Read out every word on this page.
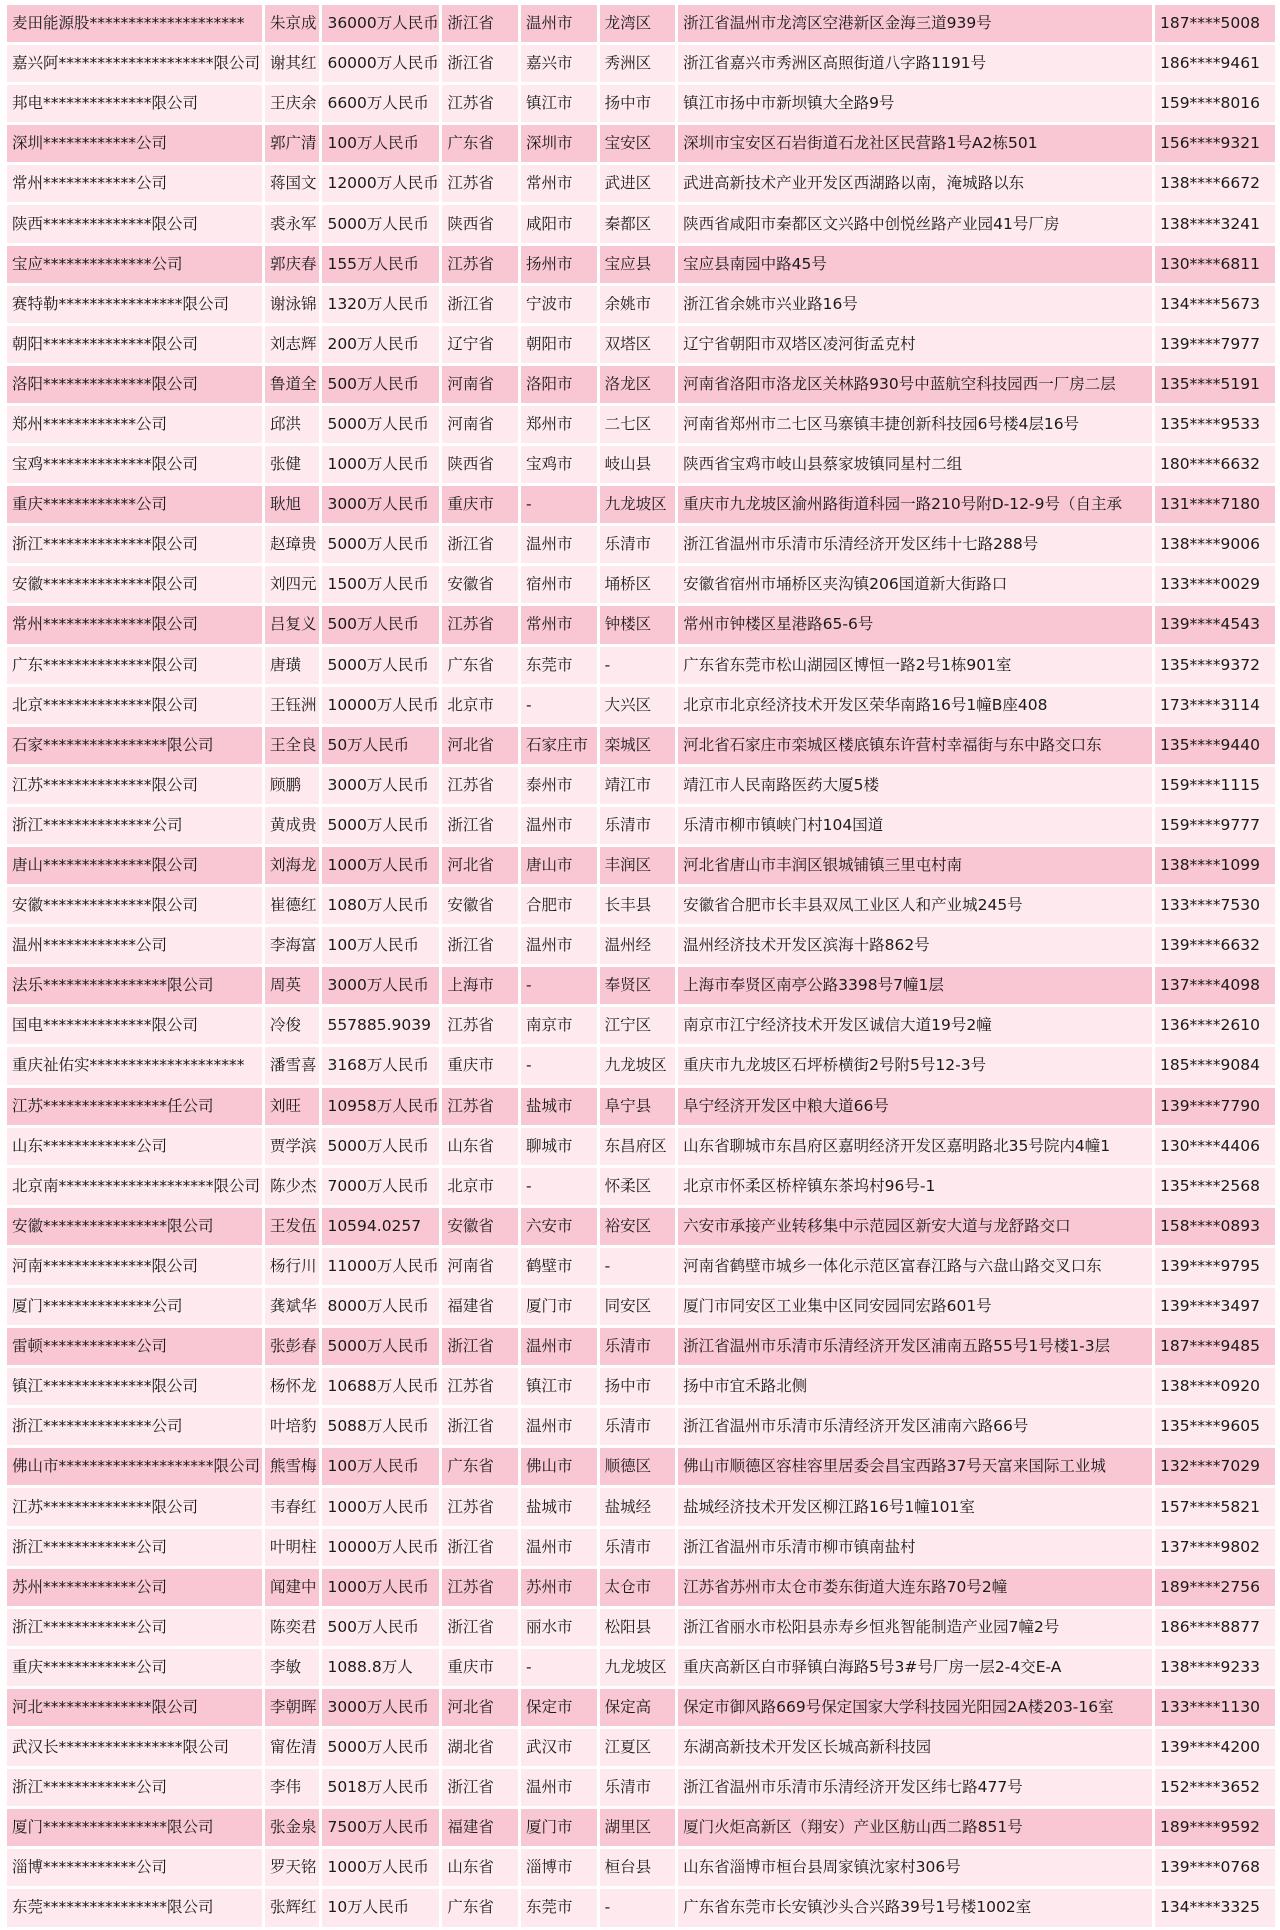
麦田能源股********************	朱京成	36000万人民币	浙江省	温州市	龙湾区	浙江省温州市龙湾区空港新区金海三道939号	187****5008
嘉兴阿********************限公司	谢其红	60000万人民币	浙江省	嘉兴市	秀洲区	浙江省嘉兴市秀洲区高照街道八字路1191号	186****9461
邦电**************限公司	王庆余	6600万人民币	江苏省	镇江市	扬中市	镇江市扬中市新坝镇大全路9号	159****8016
深圳************公司	郭广清	100万人民币	广东省	深圳市	宝安区	深圳市宝安区石岩街道石龙社区民营路1号A2栋501	156****9321
常州************公司	蒋国文	12000万人民币	江苏省	常州市	武进区	武进高新技术产业开发区西湖路以南，淹城路以东	138****6672
陕西**************限公司	裘永军	5000万人民币	陕西省	咸阳市	秦都区	陕西省咸阳市秦都区文兴路中创悦丝路产业园41号厂房	138****3241
宝应**************公司	郭庆春	155万人民币	江苏省	扬州市	宝应县	宝应县南园中路45号	130****6811
赛特勒****************限公司	谢泳锦	1320万人民币	浙江省	宁波市	余姚市	浙江省余姚市兴业路16号	134****5673
朝阳**************限公司	刘志辉	200万人民币	辽宁省	朝阳市	双塔区	辽宁省朝阳市双塔区凌河街孟克村	139****7977
洛阳**************限公司	鲁道全	500万人民币	河南省	洛阳市	洛龙区	河南省洛阳市洛龙区关林路930号中蓝航空科技园西一厂房二层	135****5191
郑州************公司	邱洪	5000万人民币	河南省	郑州市	二七区	河南省郑州市二七区马寨镇丰捷创新科技园6号楼4层16号	135****9533
宝鸡**************限公司	张健	1000万人民币	陕西省	宝鸡市	岐山县	陕西省宝鸡市岐山县蔡家坡镇同星村二组	180****6632
重庆************公司	耿旭	3000万人民币	重庆市	-	九龙坡区	重庆市九龙坡区渝州路街道科园一路210号附D-12-9号（自主承	131****7180
浙江**************限公司	赵璋贵	5000万人民币	浙江省	温州市	乐清市	浙江省温州市乐清市乐清经济开发区纬十七路288号	138****9006
安徽**************限公司	刘四元	1500万人民币	安徽省	宿州市	埇桥区	安徽省宿州市埇桥区夹沟镇206国道新大街路口	133****0029
常州**************限公司	吕复义	500万人民币	江苏省	常州市	钟楼区	常州市钟楼区星港路65-6号	139****4543
广东**************限公司	唐璜	5000万人民币	广东省	东莞市	-	广东省东莞市松山湖园区博恒一路2号1栋901室	135****9372
北京**************限公司	王钰洲	10000万人民币	北京市	-	大兴区	北京市北京经济技术开发区荣华南路16号1幢B座408	173****3114
石家****************限公司	王全良	50万人民币	河北省	石家庄市	栾城区	河北省石家庄市栾城区楼底镇东许营村幸福街与东中路交口东	135****9440
江苏**************限公司	顾鹏	3000万人民币	江苏省	泰州市	靖江市	靖江市人民南路医药大厦5楼	159****1115
浙江**************公司	黄成贵	5000万人民币	浙江省	温州市	乐清市	乐清市柳市镇峡门村104国道	159****9777
唐山**************限公司	刘海龙	1000万人民币	河北省	唐山市	丰润区	河北省唐山市丰润区银城铺镇三里屯村南	138****1099
安徽**************限公司	崔德红	1080万人民币	安徽省	合肥市	长丰县	安徽省合肥市长丰县双凤工业区人和产业城245号	133****7530
温州************公司	李海富	100万人民币	浙江省	温州市	温州经	温州经济技术开发区滨海十路862号	139****6632
法乐****************限公司	周英	3000万人民币	上海市	-	奉贤区	上海市奉贤区南亭公路3398号7幢1层	137****4098
国电**************限公司	冷俊	557885.9039	江苏省	南京市	江宁区	南京市江宁经济技术开发区诚信大道19号2幢	136****2610
重庆祉佑实********************	潘雪喜	3168万人民币	重庆市	-	九龙坡区	重庆市九龙坡区石坪桥横街2号附5号12-3号	185****9084
江苏****************任公司	刘旺	10958万人民币	江苏省	盐城市	阜宁县	阜宁经济开发区中粮大道66号	139****7790
山东************公司	贾学滨	5000万人民币	山东省	聊城市	东昌府区	山东省聊城市东昌府区嘉明经济开发区嘉明路北35号院内4幢1	130****4406
北京南********************限公司	陈少杰	7000万人民币	北京市	-	怀柔区	北京市怀柔区桥梓镇东茶坞村96号-1	135****2568
安徽****************限公司	王发伍	10594.0257	安徽省	六安市	裕安区	六安市承接产业转移集中示范园区新安大道与龙舒路交口	158****0893
河南**************限公司	杨行川	11000万人民币	河南省	鹤壁市	-	河南省鹤壁市城乡一体化示范区富春江路与六盘山路交叉口东	139****9795
厦门**************公司	龚斌华	8000万人民币	福建省	厦门市	同安区	厦门市同安区工业集中区同安园同宏路601号	139****3497
雷顿************公司	张彭春	5000万人民币	浙江省	温州市	乐清市	浙江省温州市乐清市乐清经济开发区浦南五路55号1号楼1-3层	187****9485
镇江**************限公司	杨怀龙	10688万人民币	江苏省	镇江市	扬中市	扬中市宜禾路北侧	138****0920
浙江**************公司	叶培豹	5088万人民币	浙江省	温州市	乐清市	浙江省温州市乐清市乐清经济开发区浦南六路66号	135****9605
佛山市********************限公司	熊雪梅	100万人民币	广东省	佛山市	顺德区	佛山市顺德区容桂容里居委会昌宝西路37号天富来国际工业城	132****7029
江苏**************限公司	韦春红	1000万人民币	江苏省	盐城市	盐城经	盐城经济技术开发区柳江路16号1幢101室	157****5821
浙江************公司	叶明柱	10000万人民币	浙江省	温州市	乐清市	浙江省温州市乐清市柳市镇南盐村	137****9802
苏州************公司	闻建中	1000万人民币	江苏省	苏州市	太仓市	江苏省苏州市太仓市娄东街道大连东路70号2幢	189****2756
浙江************公司	陈奕君	500万人民币	浙江省	丽水市	松阳县	浙江省丽水市松阳县赤寿乡恒兆智能制造产业园7幢2号	186****8877
重庆************公司	李敏	1088.8万人	重庆市	-	九龙坡区	重庆高新区白市驿镇白海路5号3#号厂房一层2-4交E-A	138****9233
河北**************限公司	李朝晖	3000万人民币	河北省	保定市	保定高	保定市御风路669号保定国家大学科技园光阳园2A楼203-16室	133****1130
武汉长****************限公司	甯佐清	5000万人民币	湖北省	武汉市	江夏区	东湖高新技术开发区长城高新科技园	139****4200
浙江************公司	李伟	5018万人民币	浙江省	温州市	乐清市	浙江省温州市乐清市乐清经济开发区纬七路477号	152****3652
厦门****************限公司	张金泉	7500万人民币	福建省	厦门市	湖里区	厦门火炬高新区（翔安）产业区舫山西二路851号	189****9592
淄博************公司	罗天铭	1000万人民币	山东省	淄博市	桓台县	山东省淄博市桓台县周家镇沈家村306号	139****0768
东莞****************限公司	张辉红	10万人民币	广东省	东莞市	-	广东省东莞市长安镇沙头合兴路39号1号楼1002室	134****3325
